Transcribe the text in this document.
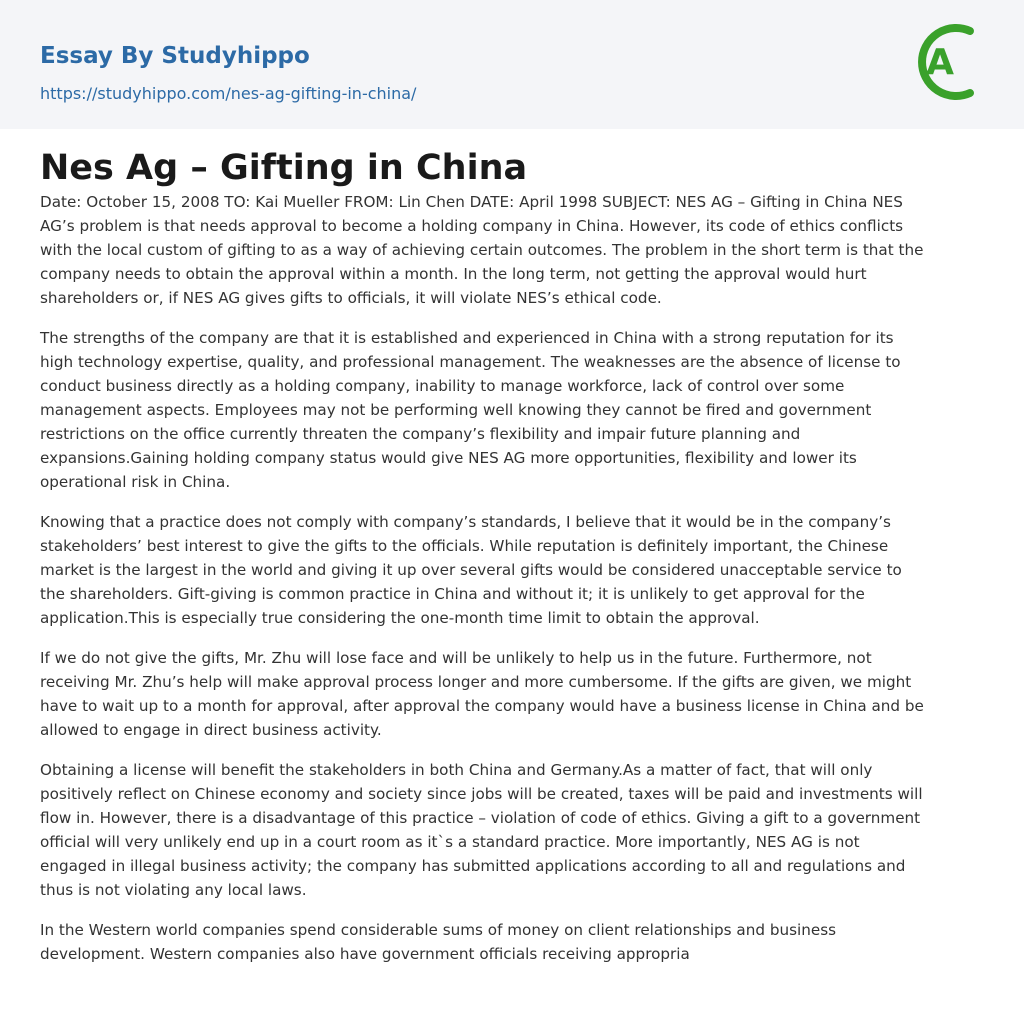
Essay By Studyhippo
https://studyhippo.com/nes-ag-gifting-in-china/
A
Nes Ag – Gifting in China

Date: October 15, 2008 TO: Kai Mueller FROM: Lin Chen DATE: April 1998 SUBJECT: NES AG – Gifting in China NES
AG’s problem is that needs approval to become a holding company in China. However, its code of ethics conflicts
with the local custom of gifting to as a way of achieving certain outcomes. The problem in the short term is that the
company needs to obtain the approval within a month. In the long term, not getting the approval would hurt
shareholders or, if NES AG gives gifts to officials, it will violate NES’s ethical code.

The strengths of the company are that it is established and experienced in China with a strong reputation for its
high technology expertise, quality, and professional management. The weaknesses are the absence of license to
conduct business directly as a holding company, inability to manage workforce, lack of control over some
management aspects. Employees may not be performing well knowing they cannot be fired and government
restrictions on the office currently threaten the company’s flexibility and impair future planning and
expansions.Gaining holding company status would give NES AG more opportunities, flexibility and lower its
operational risk in China.

Knowing that a practice does not comply with company’s standards, I believe that it would be in the company’s
stakeholders’ best interest to give the gifts to the officials. While reputation is definitely important, the Chinese
market is the largest in the world and giving it up over several gifts would be considered unacceptable service to
the shareholders. Gift-giving is common practice in China and without it; it is unlikely to get approval for the
application.This is especially true considering the one-month time limit to obtain the approval.

If we do not give the gifts, Mr. Zhu will lose face and will be unlikely to help us in the future. Furthermore, not
receiving Mr. Zhu’s help will make approval process longer and more cumbersome. If the gifts are given, we might
have to wait up to a month for approval, after approval the company would have a business license in China and be
allowed to engage in direct business activity.

Obtaining a license will benefit the stakeholders in both China and Germany.As a matter of fact, that will only
positively reflect on Chinese economy and society since jobs will be created, taxes will be paid and investments will
flow in. However, there is a disadvantage of this practice – violation of code of ethics. Giving a gift to a government
official will very unlikely end up in a court room as it`s a standard practice. More importantly, NES AG is not
engaged in illegal business activity; the company has submitted applications according to all and regulations and
thus is not violating any local laws.

In the Western world companies spend considerable sums of money on client relationships and business
development. Western companies also have government officials receiving appropria
